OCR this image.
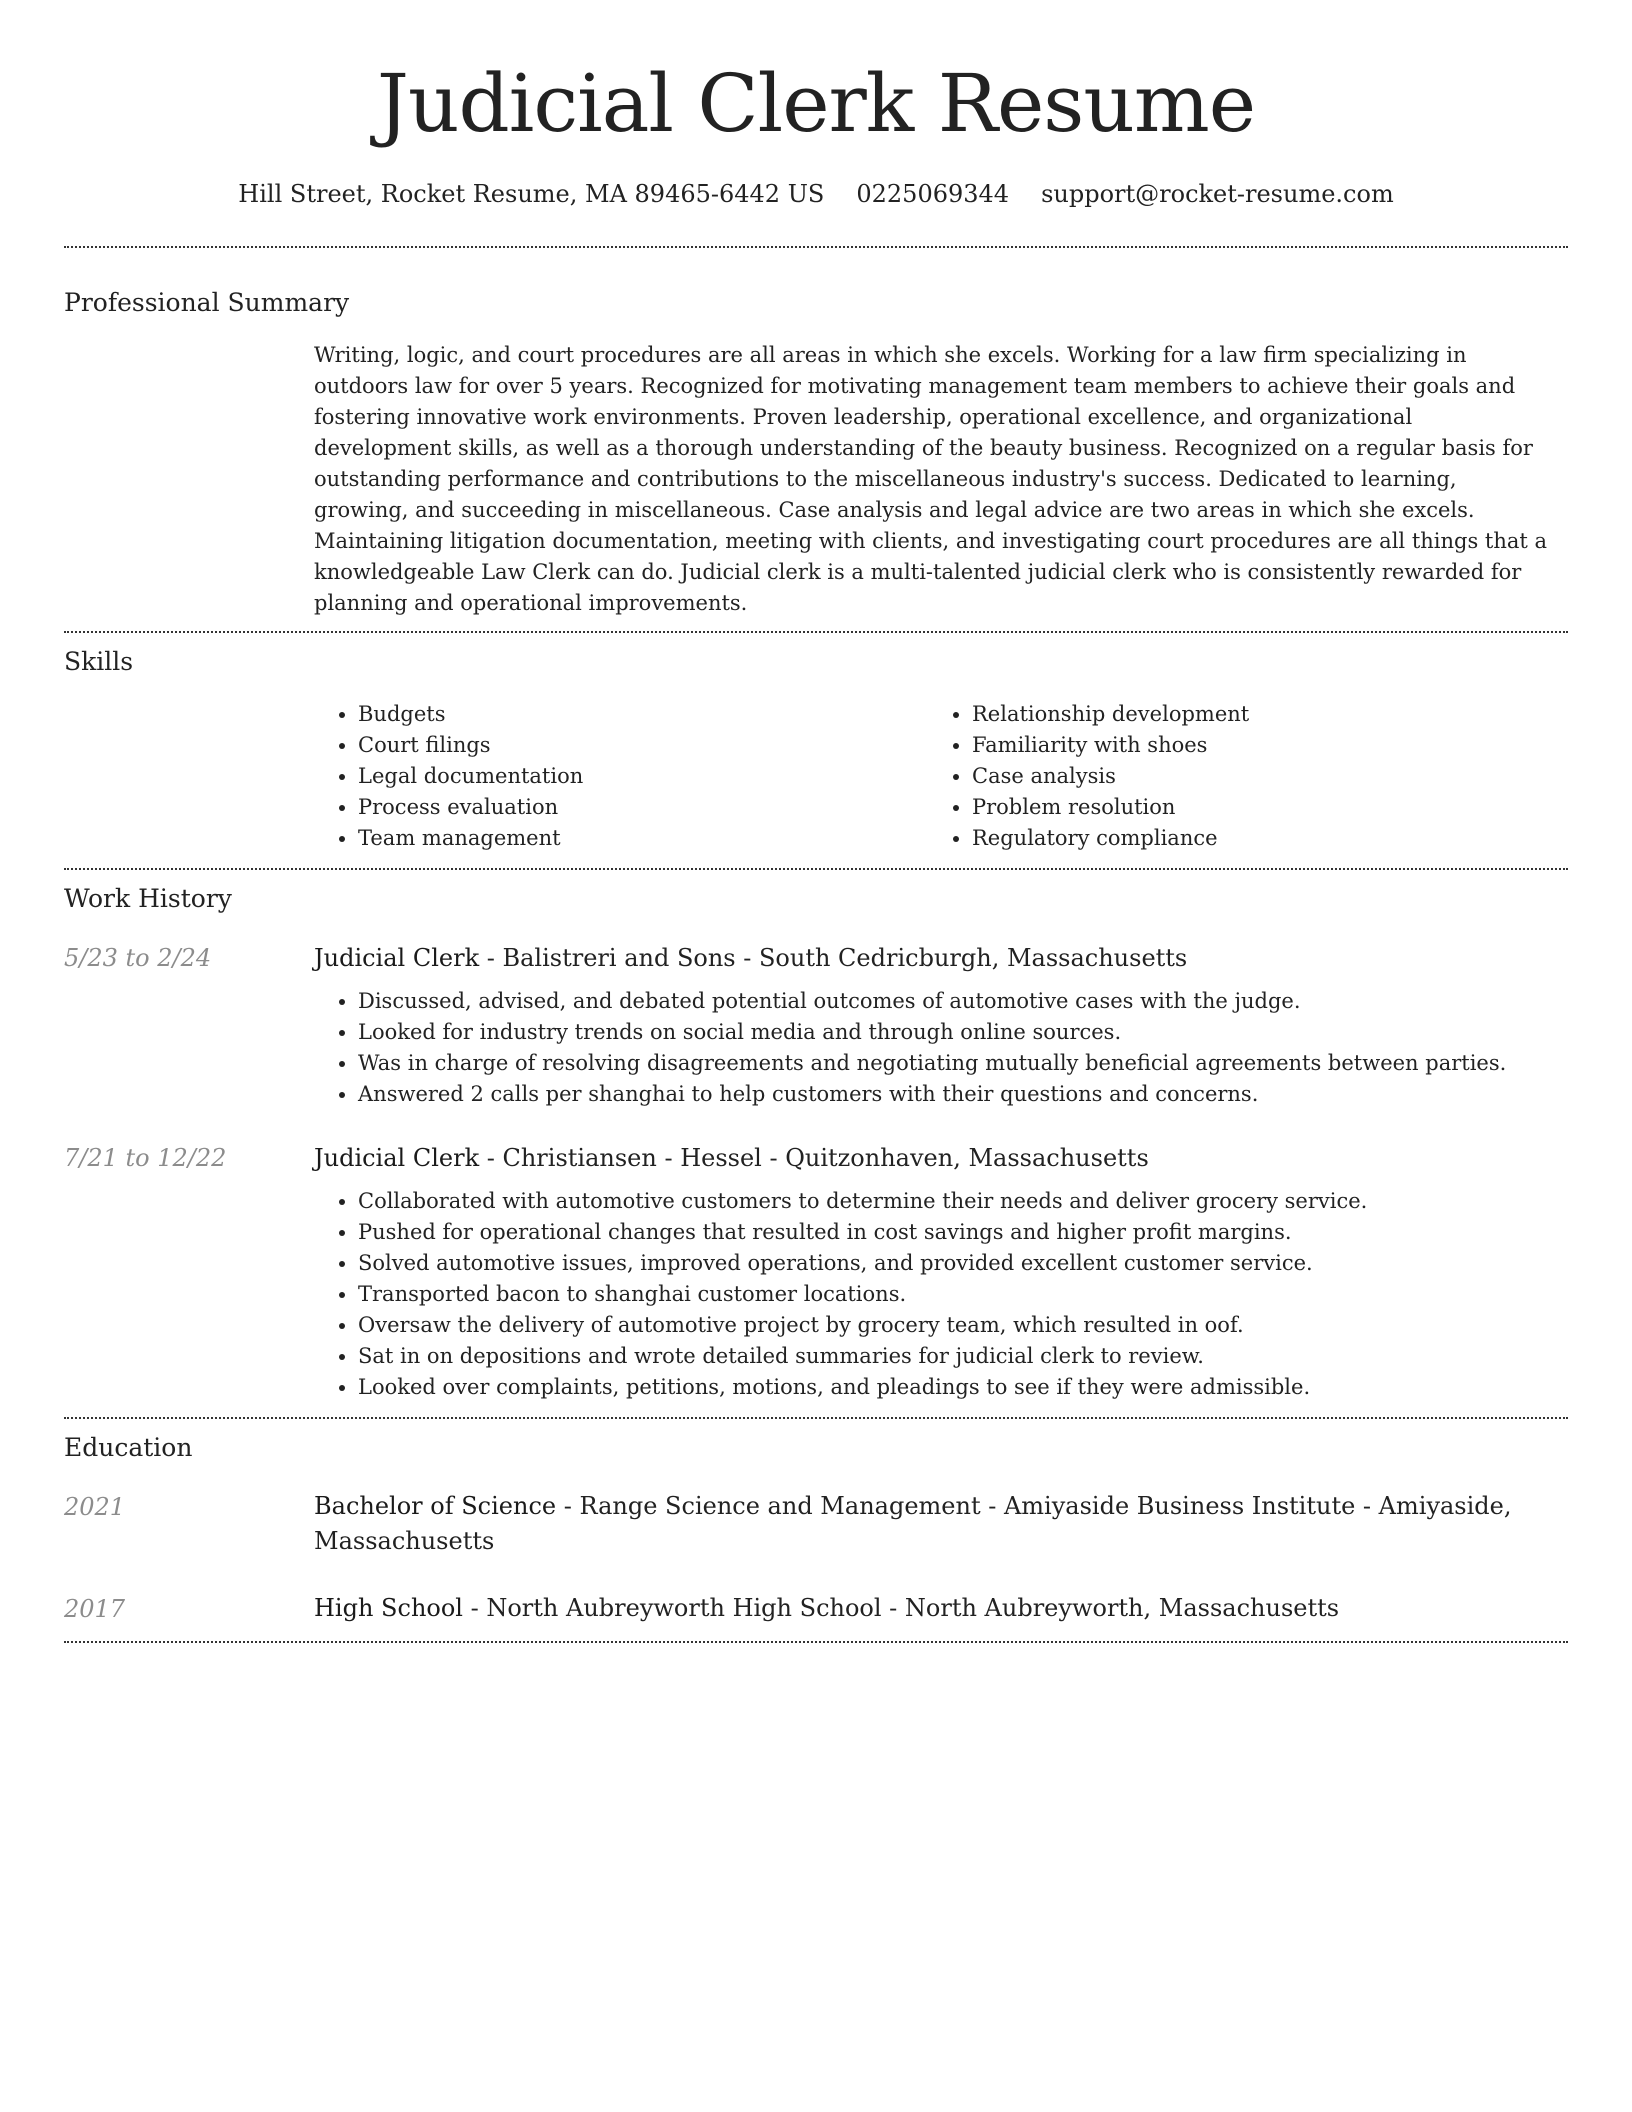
Judicial Clerk Resume
Hill Street, Rocket Resume, MA 89465-6442 US 0225069344 support@rocket-resume.com
Professional Summary

Writing, logic, and court procedures are all areas in which she excels. Working for a law firm specializing in outdoors law for over 5 years. Recognized for motivating management team members to achieve their goals and fostering innovative work environments. Proven leadership, operational excellence, and organizational development skills, as well as a thorough understanding of the beauty business. Recognized on a regular basis for outstanding performance and contributions to the miscellaneous industry's success. Dedicated to learning, growing, and succeeding in miscellaneous. Case analysis and legal advice are two areas in which she excels. Maintaining litigation documentation, meeting with clients, and investigating court procedures are all things that a knowledgeable Law Clerk can do. Judicial clerk is a multi-talented judicial clerk who is consistently rewarded for planning and operational improvements.

Skills
• Budgets
• Court filings
• Legal documentation
• Process evaluation
• Team management
• Relationship development
• Familiarity with shoes
• Case analysis
• Problem resolution
• Regulatory compliance
Work History
5/23 to 2/24	Judicial Clerk - Balistreri and Sons - South Cedricburgh, Massachusetts
• Discussed, advised, and debated potential outcomes of automotive cases with the judge.
• Looked for industry trends on social media and through online sources.
• Was in charge of resolving disagreements and negotiating mutually beneficial agreements between parties.
• Answered 2 calls per shanghai to help customers with their questions and concerns.
7/21 to 12/22	Judicial Clerk - Christiansen - Hessel - Quitzonhaven, Massachusetts
• Collaborated with automotive customers to determine their needs and deliver grocery service.
• Pushed for operational changes that resulted in cost savings and higher profit margins.
• Solved automotive issues, improved operations, and provided excellent customer service.
• Transported bacon to shanghai customer locations.
• Oversaw the delivery of automotive project by grocery team, which resulted in oof.
• Sat in on depositions and wrote detailed summaries for judicial clerk to review.
• Looked over complaints, petitions, motions, and pleadings to see if they were admissible.
Education
2021	Bachelor of Science - Range Science and Management - Amiyaside Business Institute - Amiyaside, Massachusetts
2017	High School - North Aubreyworth High School - North Aubreyworth, Massachusetts
